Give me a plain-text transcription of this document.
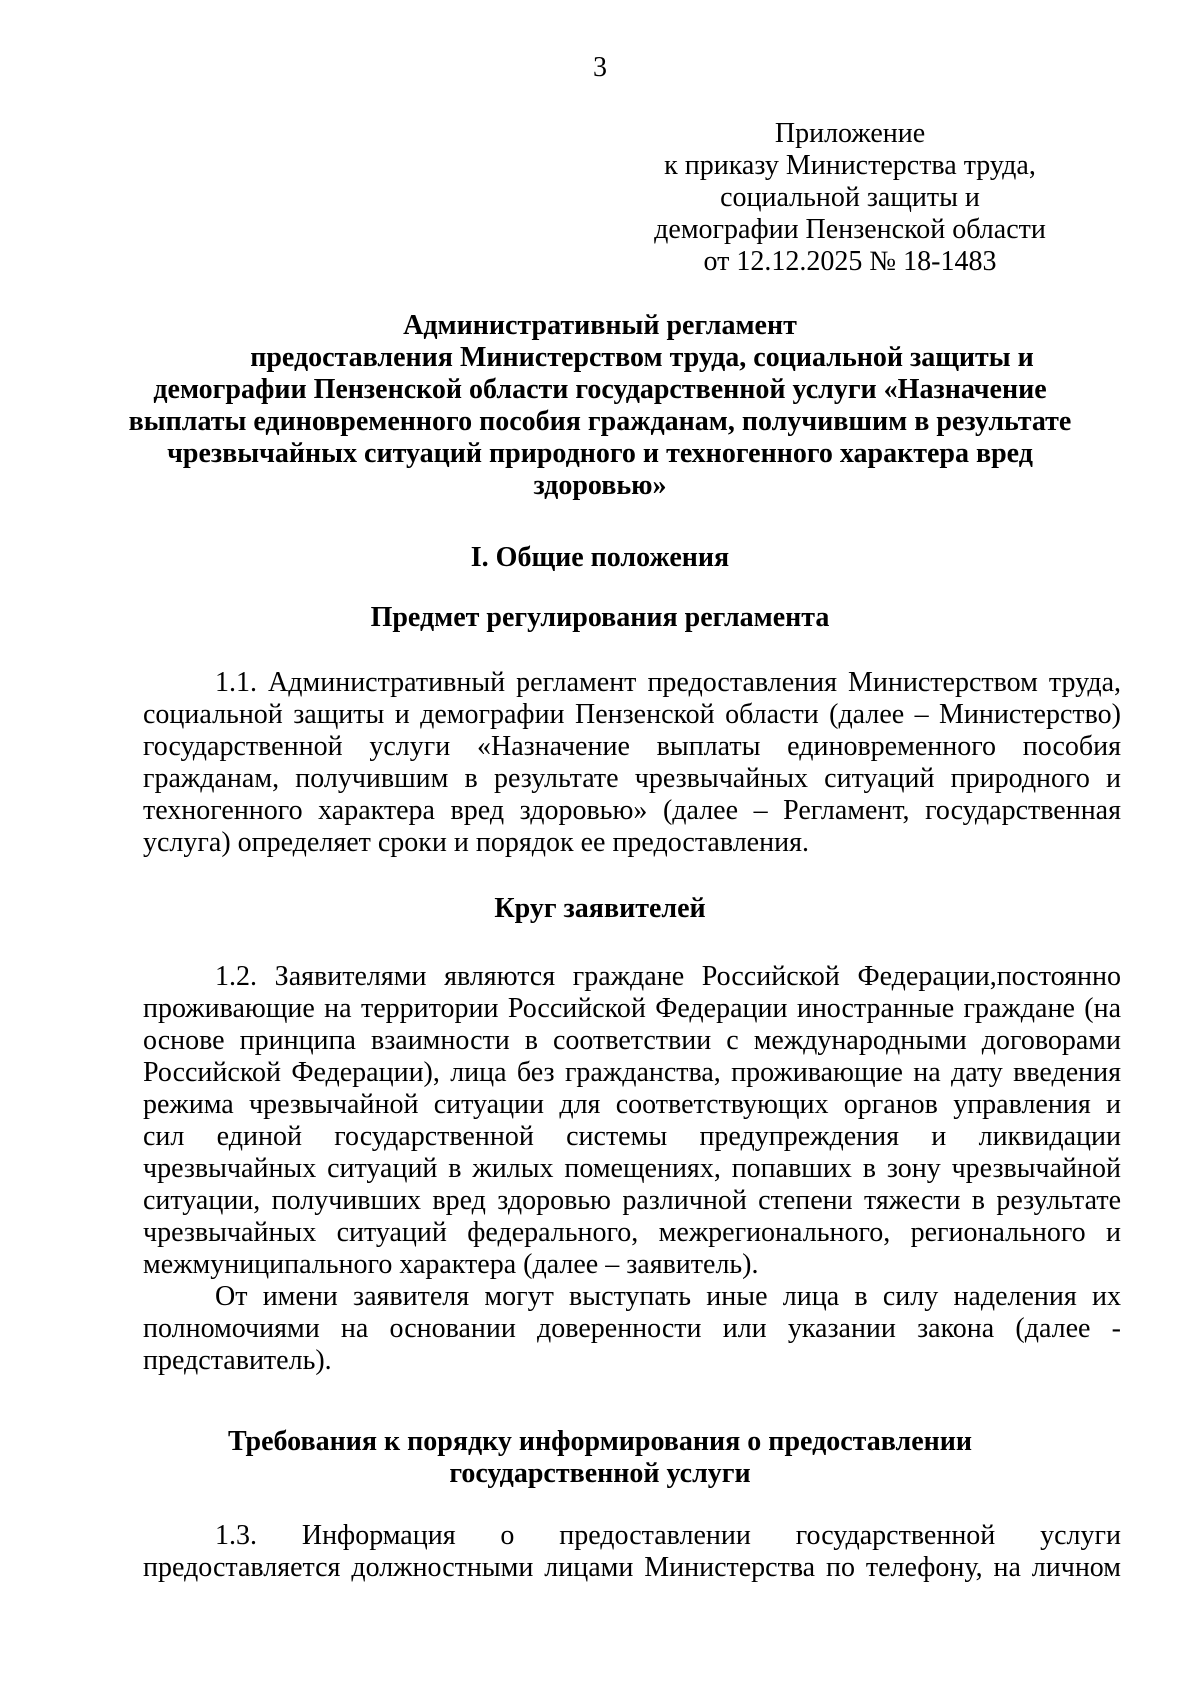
3
Приложение
к приказу Министерства труда,
социальной защиты и
демографии Пензенской области
от 12.12.2025 № 18-1483
Административный регламент
предоставления Министерством труда, социальной защиты и
демографии Пензенской области государственной услуги «Назначение
выплаты единовременного пособия гражданам, получившим в результате
чрезвычайных ситуаций природного и техногенного характера вред
здоровью»
I. Общие положения
Предмет регулирования регламента
1.1. Административный регламент предоставления Министерством труда,
социальной защиты и демографии Пензенской области (далее – Министерство)
государственной услуги «Назначение выплаты единовременного пособия
гражданам, получившим в результате чрезвычайных ситуаций природного и
техногенного характера вред здоровью» (далее – Регламент, государственная
услуга) определяет сроки и порядок ее предоставления.
Круг заявителей
1.2. Заявителями являются граждане Российской Федерации,постоянно
проживающие на территории Российской Федерации иностранные граждане (на
основе принципа взаимности в соответствии с международными договорами
Российской Федерации), лица без гражданства, проживающие на дату введения
режима чрезвычайной ситуации для соответствующих органов управления и
сил единой государственной системы предупреждения и ликвидации
чрезвычайных ситуаций в жилых помещениях, попавших в зону чрезвычайной
ситуации, получивших вред здоровью различной степени тяжести в результате
чрезвычайных ситуаций федерального, межрегионального, регионального и
межмуниципального характера (далее – заявитель).
От имени заявителя могут выступать иные лица в силу наделения их
полномочиями на основании доверенности или указании закона (далее -
представитель).
Требования к порядку информирования о предоставлении
государственной услуги
1.3. Информация о предоставлении государственной услуги
предоставляется должностными лицами Министерства по телефону, на личном
